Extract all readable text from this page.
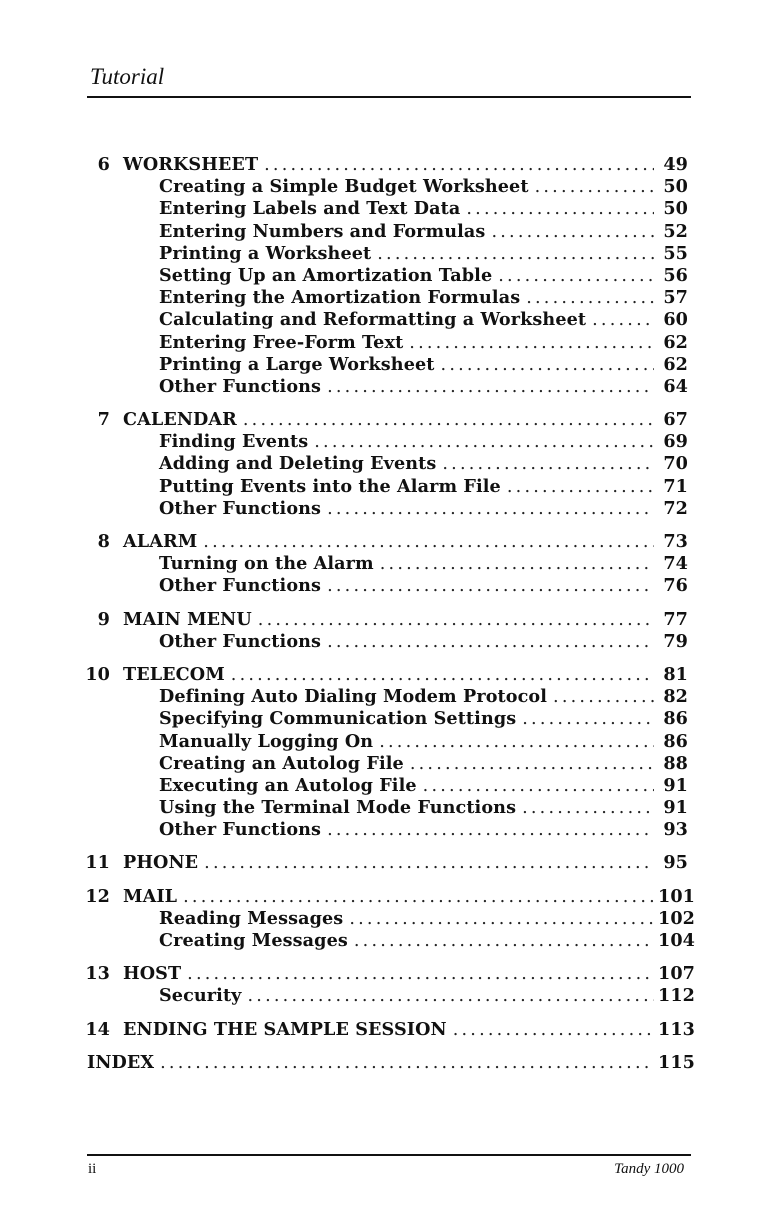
Tutorial
6 WORKSHEET .....	49
Creating a Simple Budget Worksheet .....	50
Entering Labels and Text Data .....	50
Entering Numbers and Formulas .....	52
Printing a Worksheet .....	55
Setting Up an Amortization Table .....	56
Entering the Amortization Formulas .....	57
Calculating and Reformatting a Worksheet .....	60
Entering Free-Form Text .....	62
Printing a Large Worksheet .....	62
Other Functions .....	64
7 CALENDAR .....	67
Finding Events .....	69
Adding and Deleting Events .....	70
Putting Events into the Alarm File .....	71
Other Functions .....	72
8 ALARM .....	73
Turning on the Alarm .....	74
Other Functions .....	76
9 MAIN MENU .....	77
Other Functions .....	79
10 TELECOM .....	81
Defining Auto Dialing Modem Protocol .....	82
Specifying Communication Settings .....	86
Manually Logging On .....	86
Creating an Autolog File .....	88
Executing an Autolog File .....	91
Using the Terminal Mode Functions .....	91
Other Functions .....	93
11 PHONE .....	95
12 MAIL .....	101
Reading Messages .....	102
Creating Messages .....	104
13 HOST .....	107
Security .....	112
14 ENDING THE SAMPLE SESSION .....	113
INDEX .....	115
ii	Tandy 1000
